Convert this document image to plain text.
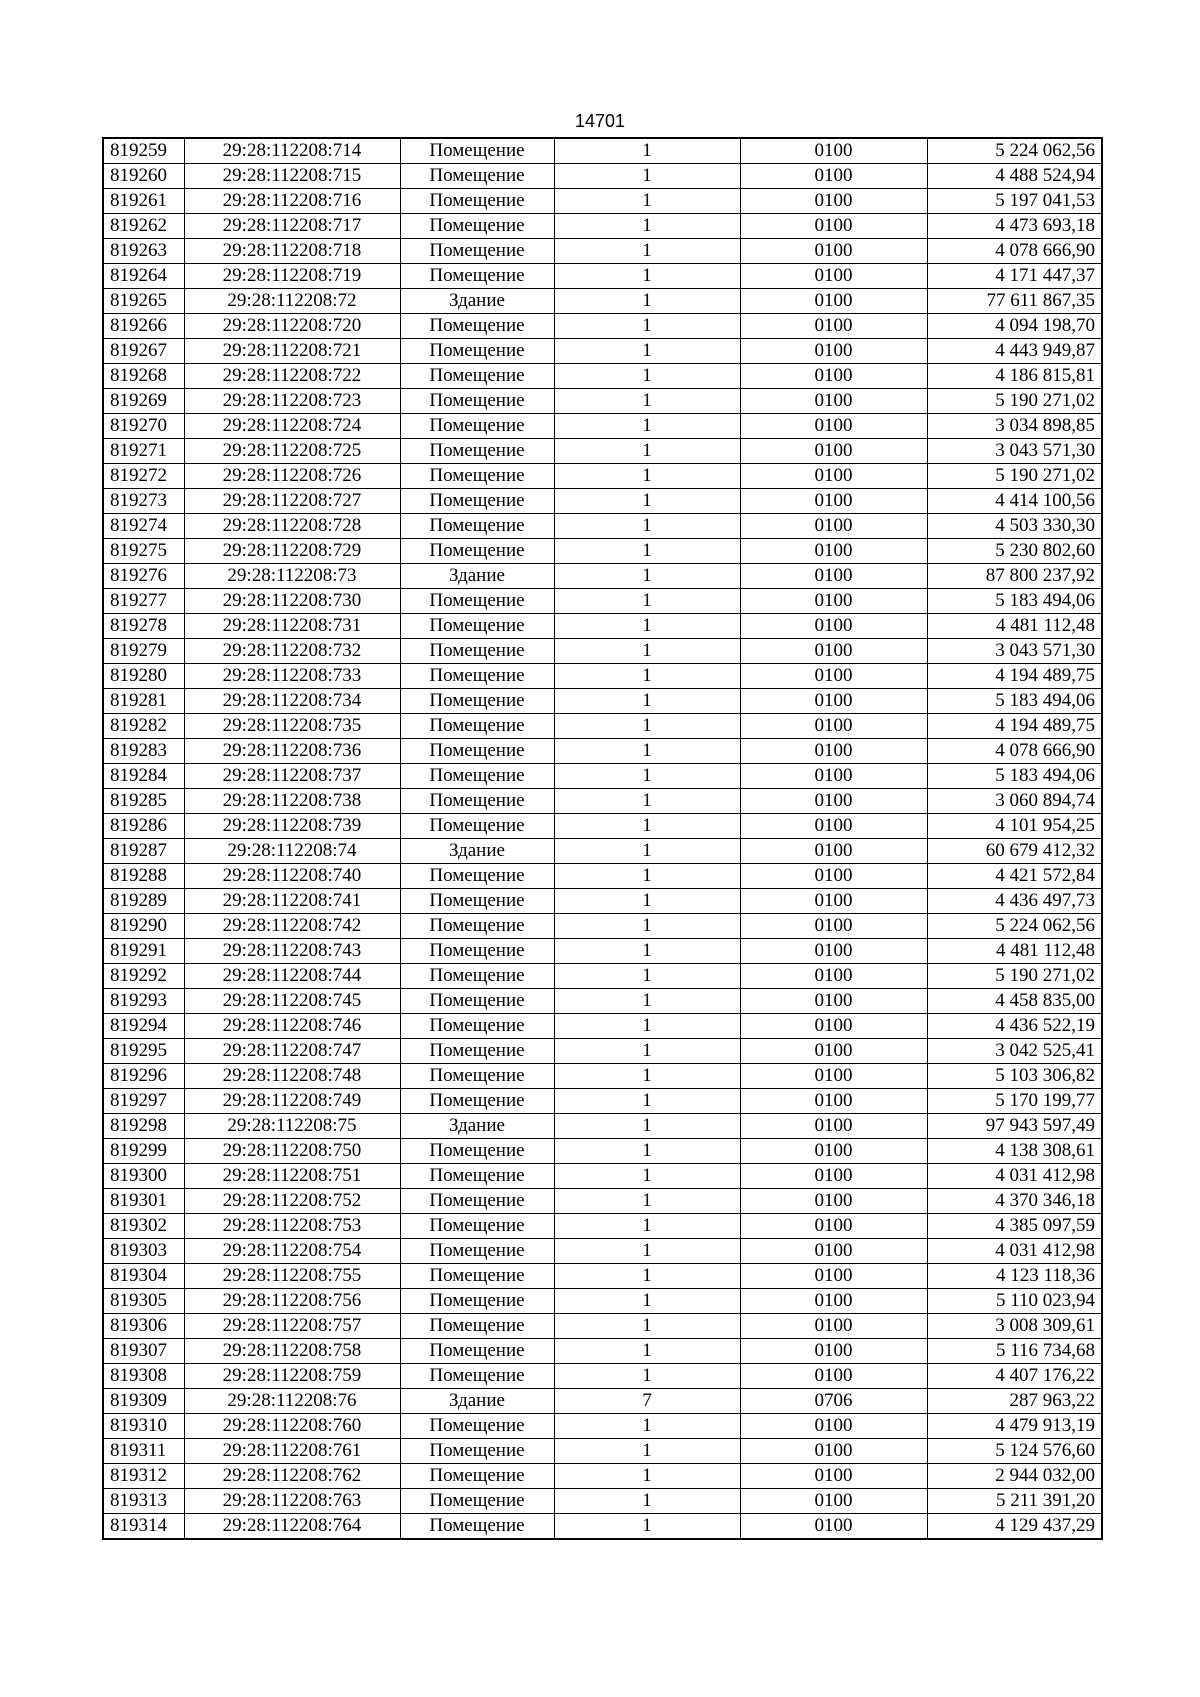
14701
819259	29:28:112208:714	Помещение	1	0100	5 224 062,56
819260	29:28:112208:715	Помещение	1	0100	4 488 524,94
819261	29:28:112208:716	Помещение	1	0100	5 197 041,53
819262	29:28:112208:717	Помещение	1	0100	4 473 693,18
819263	29:28:112208:718	Помещение	1	0100	4 078 666,90
819264	29:28:112208:719	Помещение	1	0100	4 171 447,37
819265	29:28:112208:72	Здание	1	0100	77 611 867,35
819266	29:28:112208:720	Помещение	1	0100	4 094 198,70
819267	29:28:112208:721	Помещение	1	0100	4 443 949,87
819268	29:28:112208:722	Помещение	1	0100	4 186 815,81
819269	29:28:112208:723	Помещение	1	0100	5 190 271,02
819270	29:28:112208:724	Помещение	1	0100	3 034 898,85
819271	29:28:112208:725	Помещение	1	0100	3 043 571,30
819272	29:28:112208:726	Помещение	1	0100	5 190 271,02
819273	29:28:112208:727	Помещение	1	0100	4 414 100,56
819274	29:28:112208:728	Помещение	1	0100	4 503 330,30
819275	29:28:112208:729	Помещение	1	0100	5 230 802,60
819276	29:28:112208:73	Здание	1	0100	87 800 237,92
819277	29:28:112208:730	Помещение	1	0100	5 183 494,06
819278	29:28:112208:731	Помещение	1	0100	4 481 112,48
819279	29:28:112208:732	Помещение	1	0100	3 043 571,30
819280	29:28:112208:733	Помещение	1	0100	4 194 489,75
819281	29:28:112208:734	Помещение	1	0100	5 183 494,06
819282	29:28:112208:735	Помещение	1	0100	4 194 489,75
819283	29:28:112208:736	Помещение	1	0100	4 078 666,90
819284	29:28:112208:737	Помещение	1	0100	5 183 494,06
819285	29:28:112208:738	Помещение	1	0100	3 060 894,74
819286	29:28:112208:739	Помещение	1	0100	4 101 954,25
819287	29:28:112208:74	Здание	1	0100	60 679 412,32
819288	29:28:112208:740	Помещение	1	0100	4 421 572,84
819289	29:28:112208:741	Помещение	1	0100	4 436 497,73
819290	29:28:112208:742	Помещение	1	0100	5 224 062,56
819291	29:28:112208:743	Помещение	1	0100	4 481 112,48
819292	29:28:112208:744	Помещение	1	0100	5 190 271,02
819293	29:28:112208:745	Помещение	1	0100	4 458 835,00
819294	29:28:112208:746	Помещение	1	0100	4 436 522,19
819295	29:28:112208:747	Помещение	1	0100	3 042 525,41
819296	29:28:112208:748	Помещение	1	0100	5 103 306,82
819297	29:28:112208:749	Помещение	1	0100	5 170 199,77
819298	29:28:112208:75	Здание	1	0100	97 943 597,49
819299	29:28:112208:750	Помещение	1	0100	4 138 308,61
819300	29:28:112208:751	Помещение	1	0100	4 031 412,98
819301	29:28:112208:752	Помещение	1	0100	4 370 346,18
819302	29:28:112208:753	Помещение	1	0100	4 385 097,59
819303	29:28:112208:754	Помещение	1	0100	4 031 412,98
819304	29:28:112208:755	Помещение	1	0100	4 123 118,36
819305	29:28:112208:756	Помещение	1	0100	5 110 023,94
819306	29:28:112208:757	Помещение	1	0100	3 008 309,61
819307	29:28:112208:758	Помещение	1	0100	5 116 734,68
819308	29:28:112208:759	Помещение	1	0100	4 407 176,22
819309	29:28:112208:76	Здание	7	0706	287 963,22
819310	29:28:112208:760	Помещение	1	0100	4 479 913,19
819311	29:28:112208:761	Помещение	1	0100	5 124 576,60
819312	29:28:112208:762	Помещение	1	0100	2 944 032,00
819313	29:28:112208:763	Помещение	1	0100	5 211 391,20
819314	29:28:112208:764	Помещение	1	0100	4 129 437,29
